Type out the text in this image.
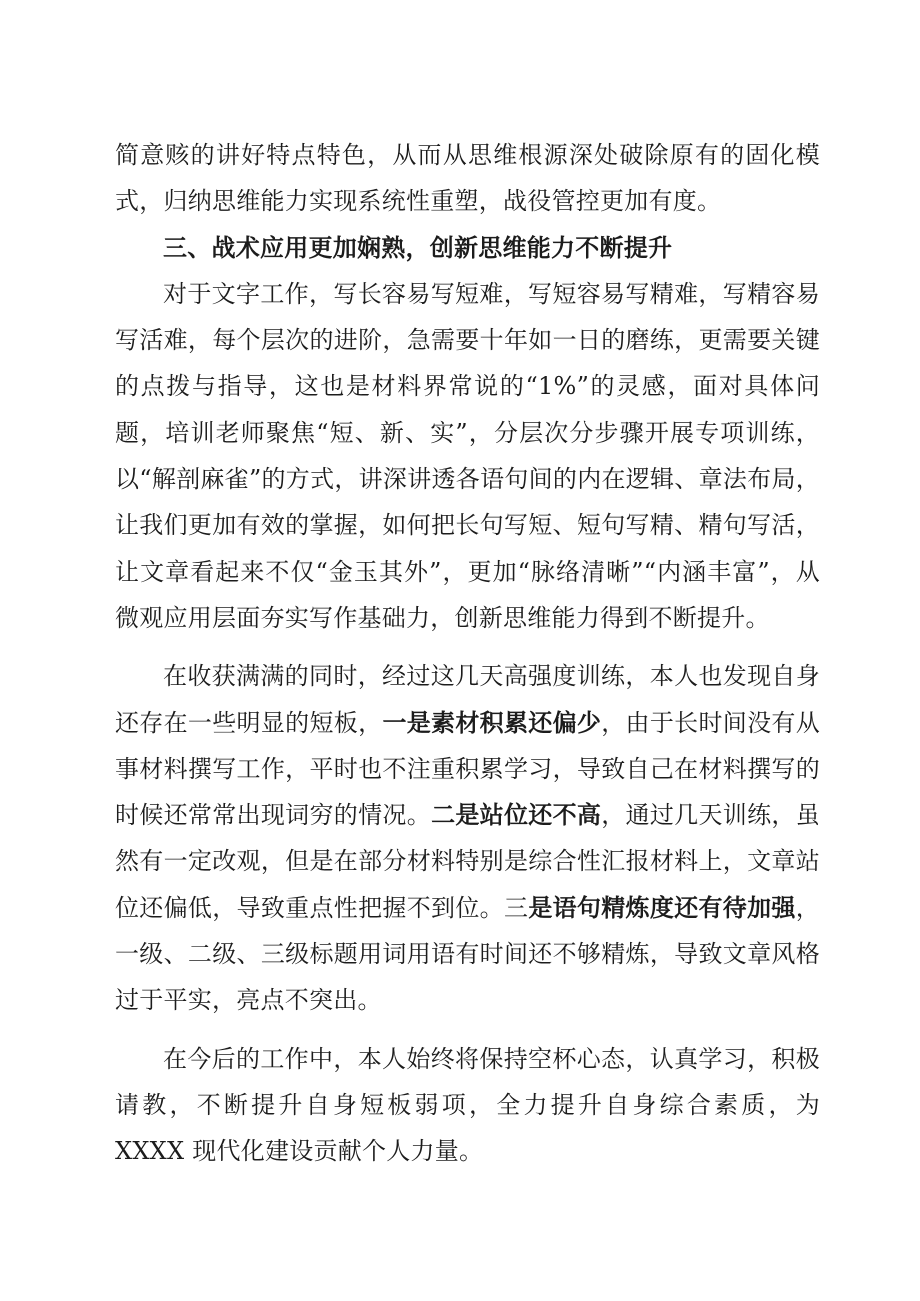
简意赅的讲好特点特色，从而从思维根源深处破除原有的固化模式，归纳思维能力实现系统性重塑，战役管控更加有度。

三、战术应用更加娴熟，创新思维能力不断提升

对于文字工作，写长容易写短难，写短容易写精难，写精容易写活难，每个层次的进阶，急需要十年如一日的磨练，更需要关键的点拨与指导，这也是材料界常说的“1%”的灵感，面对具体问题，培训老师聚焦“短、新、实”，分层次分步骤开展专项训练，以“解剖麻雀”的方式，讲深讲透各语句间的内在逻辑、章法布局，让我们更加有效的掌握，如何把长句写短、短句写精、精句写活，让文章看起来不仅“金玉其外”，更加“脉络清晰”“内涵丰富”，从微观应用层面夯实写作基础力，创新思维能力得到不断提升。

在收获满满的同时，经过这几天高强度训练，本人也发现自身还存在一些明显的短板，一是素材积累还偏少，由于长时间没有从事材料撰写工作，平时也不注重积累学习，导致自己在材料撰写的时候还常常出现词穷的情况。二是站位还不高，通过几天训练，虽然有一定改观，但是在部分材料特别是综合性汇报材料上，文章站位还偏低，导致重点性把握不到位。三是语句精炼度还有待加强，一级、二级、三级标题用词用语有时间还不够精炼，导致文章风格过于平实，亮点不突出。

在今后的工作中，本人始终将保持空杯心态，认真学习，积极请教，不断提升自身短板弱项，全力提升自身综合素质，为 XXXX 现代化建设贡献个人力量。
